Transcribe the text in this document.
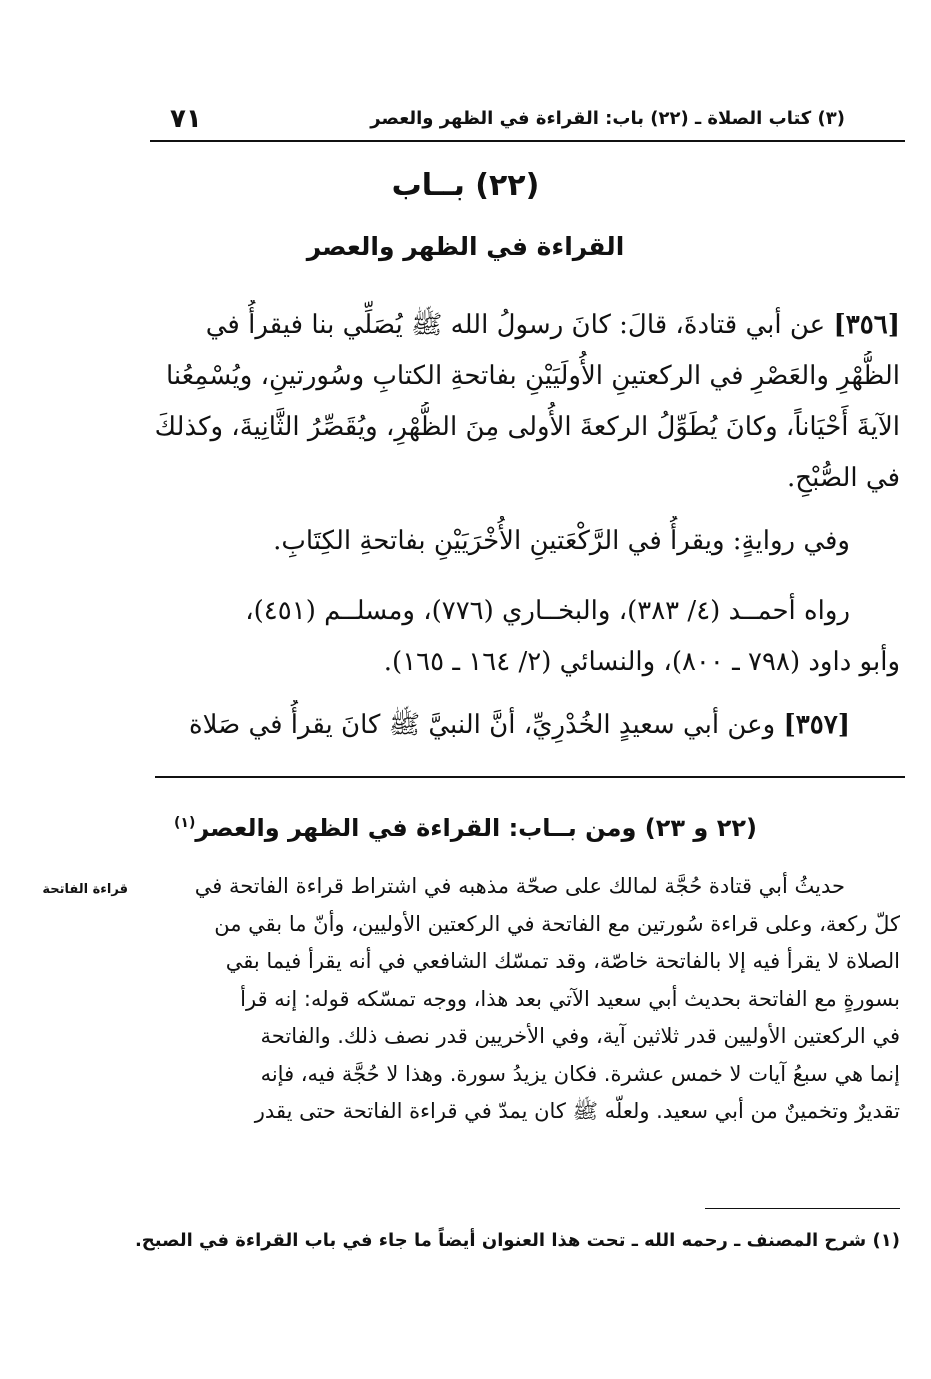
٧١	(٣) كتاب الصلاة ـ (٢٢) باب: القراءة في الظهر والعصر
(٢٢) بــاب
القراءة في الظهر والعصر
[٣٥٦] عن أبي قتادةَ، قالَ: كانَ رسولُ الله ﷺ يُصَلِّي بنا فيقرأُ في
الظُّهْرِ والعَصْرِ في الركعتينِ الأُولَيَيْنِ بفاتحةِ الكتابِ وسُورتينِ، ويُسْمِعُنا
الآيةَ أَحْيَاناً، وكانَ يُطَوِّلُ الركعةَ الأُولى مِنَ الظُّهْرِ، ويُقَصِّرُ الثَّانِيةَ، وكذلكَ
في الصُّبْحِ.
وفي روايةٍ: ويقرأُ في الرَّكْعَتينِ الأُخْرَيَيْنِ بفاتحةِ الكِتَابِ.
رواه أحمــد (٤/ ٣٨٣)، والبخــاري (٧٧٦)، ومسلــم (٤٥١)،
وأبو داود (٧٩٨ ـ ٨٠٠)، والنسائي (٢/ ١٦٤ ـ ١٦٥).
[٣٥٧] وعن أبي سعيدٍ الخُدْرِيِّ، أنَّ النبيَّ ﷺ كانَ يقرأُ في صَلاة
(٢٢ و ٢٣) ومن بــاب: القراءة في الظهر والعصر$^{(١)}$
قراءة الفاتحة	حديثُ أبي قتادة حُجَّة لمالك على صحّة مذهبه في اشتراط قراءة الفاتحة في
كلّ ركعة، وعلى قراءة سُورتين مع الفاتحة في الركعتين الأوليين، وأنّ ما بقي من
الصلاة لا يقرأ فيه إلا بالفاتحة خاصّة، وقد تمسّك الشافعي في أنه يقرأ فيما بقي
بسورةٍ مع الفاتحة بحديث أبي سعيد الآتي بعد هذا، ووجه تمسّكه قوله: إنه قرأ
في الركعتين الأوليين قدر ثلاثين آية، وفي الأخريين قدر نصف ذلك. والفاتحة
إنما هي سبعُ آيات لا خمس عشرة. فكان يزيدُ سورة. وهذا لا حُجَّة فيه، فإنه
تقديرٌ وتخمينٌ من أبي سعيد. ولعلّه ﷺ كان يمدّ في قراءة الفاتحة حتى يقدر
(١) شرح المصنف ـ رحمه الله ـ تحت هذا العنوان أيضاً ما جاء في باب القراءة في الصبح.
